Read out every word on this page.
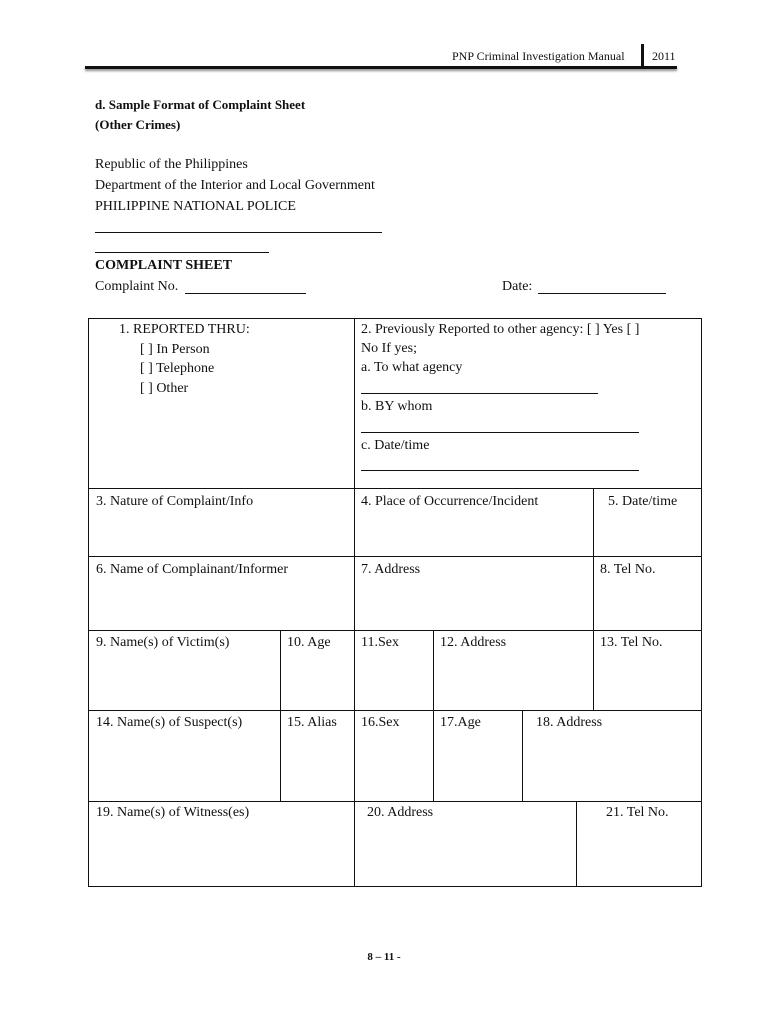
PNP Criminal Investigation Manual 2011
d. Sample Format of Complaint Sheet
(Other Crimes)
Republic of the Philippines
Department of the Interior and Local Government
PHILIPPINE NATIONAL POLICE
COMPLAINT SHEET
Complaint No.	Date:
1. REPORTED THRU:
[ ] In Person
[ ] Telephone
[ ] Other
2. Previously Reported to other agency: [ ] Yes [ ]
No If yes;
a. To what agency
b. BY whom
c. Date/time
3. Nature of Complaint/Info	4. Place of Occurrence/Incident	5. Date/time
6. Name of Complainant/Informer	7. Address	8. Tel No.
9. Name(s) of Victim(s)	10. Age 11.Sex	12. Address	13. Tel No.
14. Name(s) of Suspect(s)	15. Alias 16.Sex	17.Age	18. Address
19. Name(s) of Witness(es)	20. Address	21. Tel No.
8 – 11 -
